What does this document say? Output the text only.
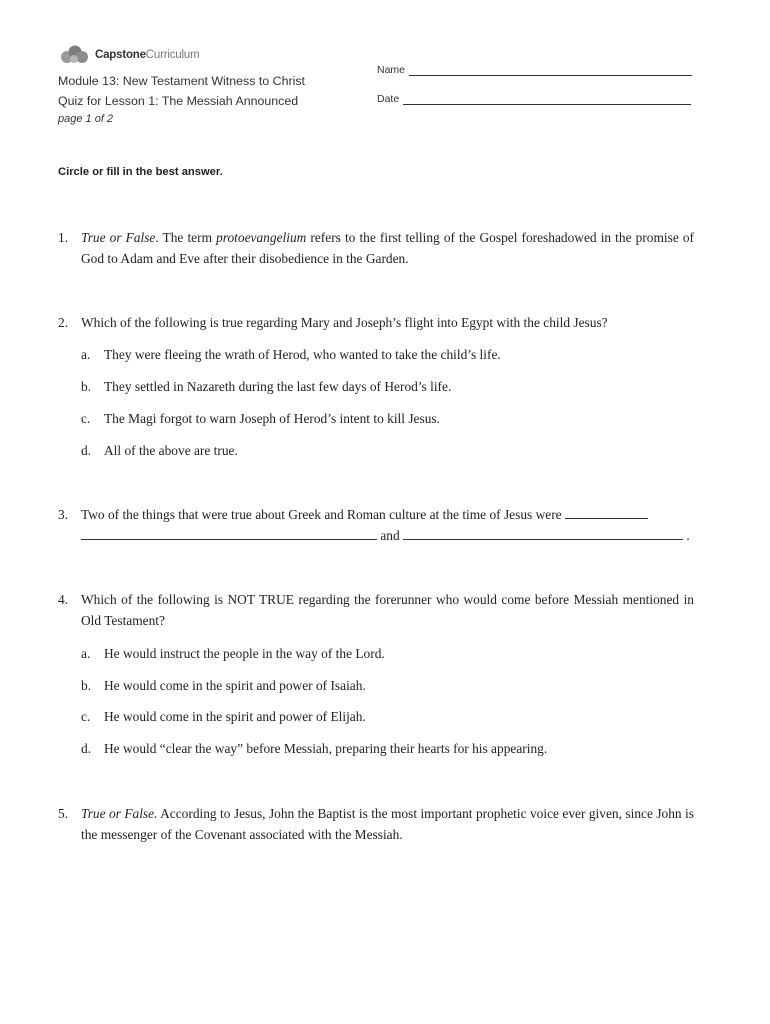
CapstoneCurriculum
Module 13: New Testament Witness to Christ
Quiz for Lesson 1: The Messiah Announced
page 1 of 2
Name
Date
Circle or fill in the best answer.
1. True or False. The term protoevangelium refers to the first telling of the Gospel foreshadowed in the promise of God to Adam and Eve after their disobedience in the Garden.
2. Which of the following is true regarding Mary and Joseph’s flight into Egypt with the child Jesus?
a. They were fleeing the wrath of Herod, who wanted to take the child’s life.
b. They settled in Nazareth during the last few days of Herod’s life.
c. The Magi forgot to warn Joseph of Herod’s intent to kill Jesus.
d. All of the above are true.
3. Two of the things that were true about Greek and Roman culture at the time of Jesus were
and	.
4. Which of the following is NOT TRUE regarding the forerunner who would come before Messiah mentioned in Old Testament?
a. He would instruct the people in the way of the Lord.
b. He would come in the spirit and power of Isaiah.
c. He would come in the spirit and power of Elijah.
d. He would “clear the way” before Messiah, preparing their hearts for his appearing.
5. True or False. According to Jesus, John the Baptist is the most important prophetic voice ever given, since John is the messenger of the Covenant associated with the Messiah.
